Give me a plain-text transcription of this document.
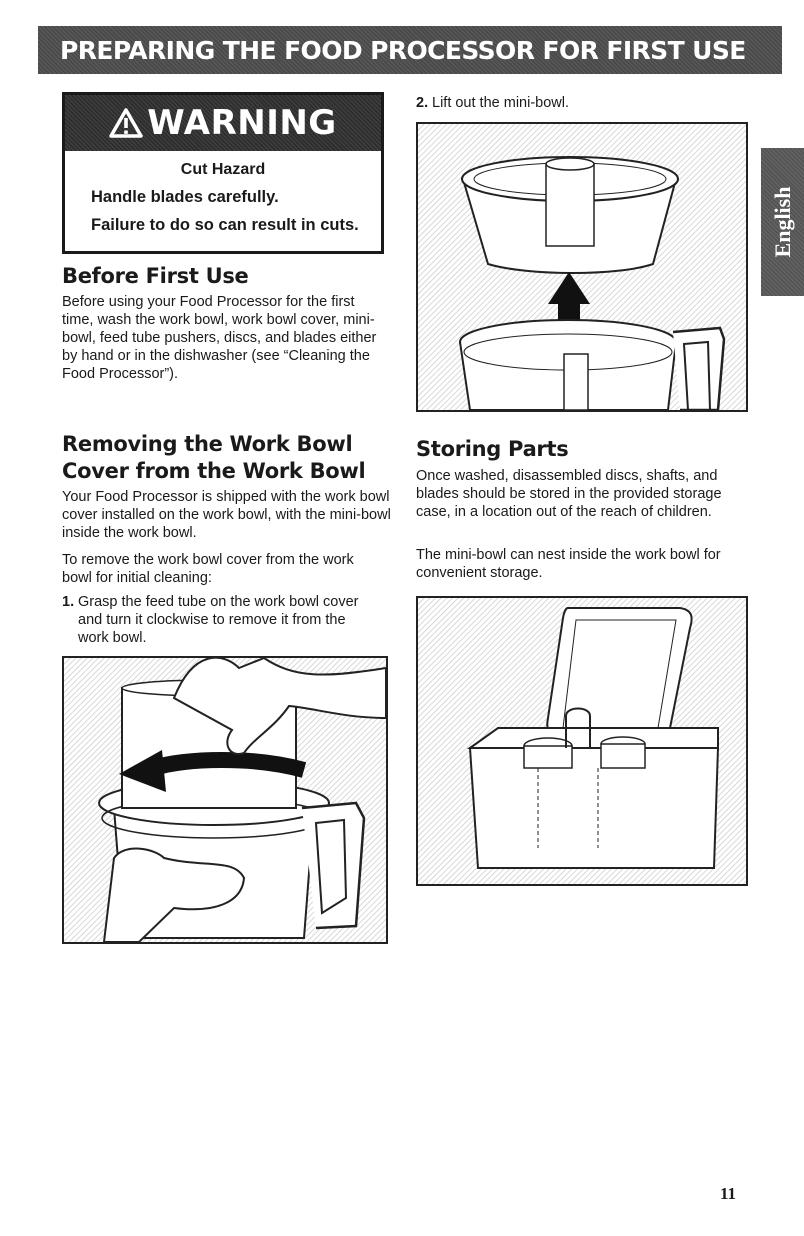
PREPARING THE FOOD PROCESSOR FOR FIRST USE
English
WARNING

Cut Hazard

Handle blades carefully.

Failure to do so can result in cuts.

Before First Use

Before using your Food Processor for the first time, wash the work bowl, work bowl cover, mini-bowl, feed tube pushers, discs, and blades either by hand or in the dishwasher (see “Cleaning the Food Processor”).

Removing the Work Bowl
Cover from the Work Bowl

Your Food Processor is shipped with the work bowl cover installed on the work bowl, with the mini-bowl inside the work bowl.

To remove the work bowl cover from the work bowl for initial cleaning:

1. Grasp the feed tube on the work bowl cover and turn it clockwise to remove it from the work bowl.

2. Lift out the mini-bowl.

Storing Parts

Once washed, disassembled discs, shafts, and blades should be stored in the provided storage case, in a location out of the reach of children.

The mini-bowl can nest inside the work bowl for convenient storage.

11
